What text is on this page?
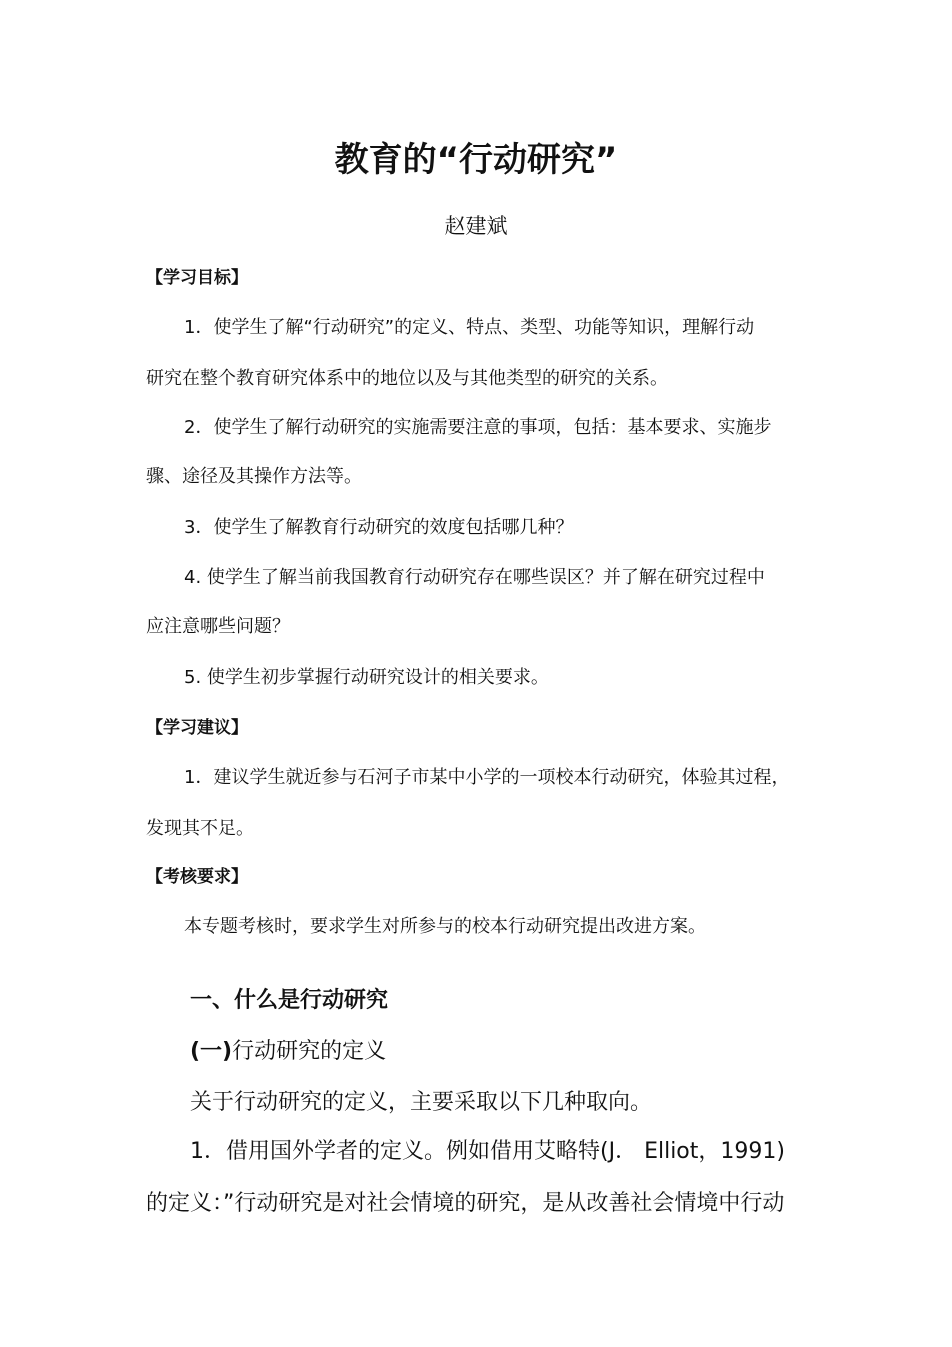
教育的“行动研究”
赵建斌
【学习目标】
1．使学生了解“行动研究”的定义、特点、类型、功能等知识，理解行动
研究在整个教育研究体系中的地位以及与其他类型的研究的关系。
2．使学生了解行动研究的实施需要注意的事项，包括：基本要求、实施步
骤、途径及其操作方法等。
3．使学生了解教育行动研究的效度包括哪几种？
4. 使学生了解当前我国教育行动研究存在哪些误区？并了解在研究过程中
应注意哪些问题？
5. 使学生初步掌握行动研究设计的相关要求。
【学习建议】
1．建议学生就近参与石河子市某中小学的一项校本行动研究，体验其过程，
发现其不足。
【考核要求】
本专题考核时，要求学生对所参与的校本行动研究提出改进方案。
一、什么是行动研究
(一)行动研究的定义
关于行动研究的定义，主要采取以下几种取向。
1．借用国外学者的定义。例如借用艾略特(J． Elliot，1991)
的定义：”行动研究是对社会情境的研究，是从改善社会情境中行动
